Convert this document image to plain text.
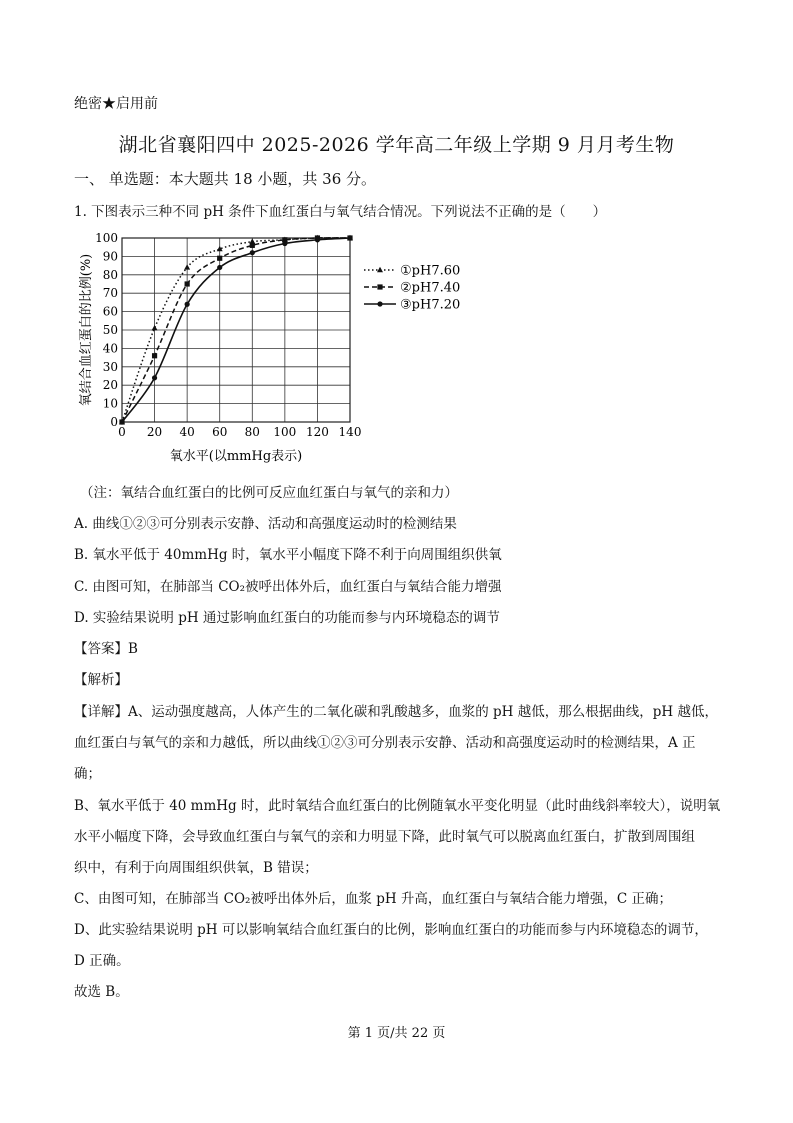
绝密★启用前
湖北省襄阳四中 2025-2026 学年高二年级上学期 9 月月考生物
一、 单选题：本大题共 18 小题，共 36 分。
1. 下图表示三种不同 pH 条件下血红蛋白与氧气结合情况。下列说法不正确的是（　　）
0
10
20
30
40
50
60
70
80
90
100
0 20 40 60 80 100 120 140
①pH7.60
②pH7.40
③pH7.20
氧水平(以mmHg表示)
氧结合血红蛋白的比例(%)
（注：氧结合血红蛋白的比例可反应血红蛋白与氧气的亲和力）
A. 曲线①②③可分别表示安静、活动和高强度运动时的检测结果
B. 氧水平低于 40mmHg 时，氧水平小幅度下降不利于向周围组织供氧
C. 由图可知，在肺部当 CO₂被呼出体外后，血红蛋白与氧结合能力增强
D. 实验结果说明 pH 通过影响血红蛋白的功能而参与内环境稳态的调节
【答案】B
【解析】
【详解】A、运动强度越高，人体产生的二氧化碳和乳酸越多，血浆的 pH 越低，那么根据曲线，pH 越低，
血红蛋白与氧气的亲和力越低，所以曲线①②③可分别表示安静、活动和高强度运动时的检测结果，A 正
确；
B、氧水平低于 40 mmHg 时，此时氧结合血红蛋白的比例随氧水平变化明显（此时曲线斜率较大），说明氧
水平小幅度下降，会导致血红蛋白与氧气的亲和力明显下降，此时氧气可以脱离血红蛋白，扩散到周围组
织中，有利于向周围组织供氧，B 错误；
C、由图可知，在肺部当 CO₂被呼出体外后，血浆 pH 升高，血红蛋白与氧结合能力增强，C 正确；
D、此实验结果说明 pH 可以影响氧结合血红蛋白的比例，影响血红蛋白的功能而参与内环境稳态的调节，
D 正确。
故选 B。
第 1 页/共 22 页
